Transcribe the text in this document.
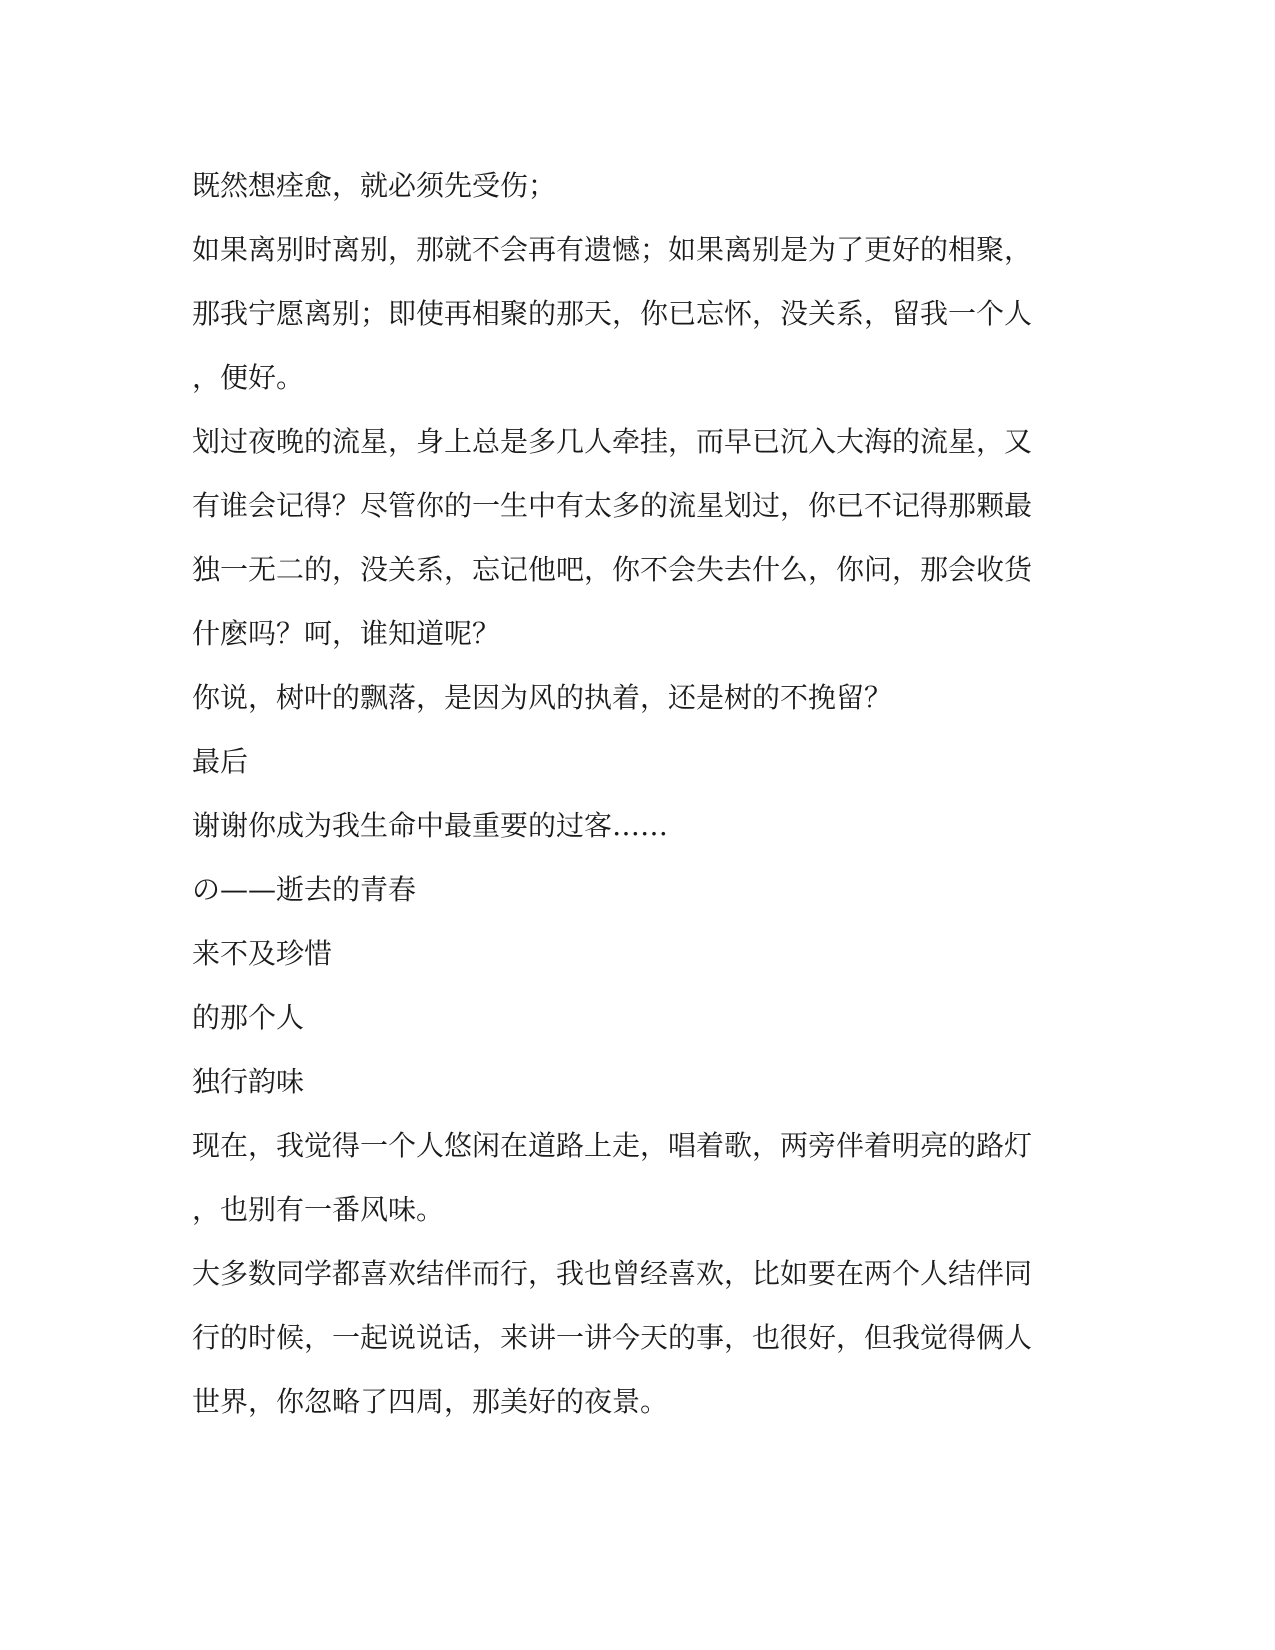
既然想痊愈，就必须先受伤；
如果离别时离别，那就不会再有遗憾；如果离别是为了更好的相聚，
那我宁愿离别；即使再相聚的那天，你已忘怀，没关系，留我一个人
，便好。
划过夜晚的流星，身上总是多几人牵挂，而早已沉入大海的流星，又
有谁会记得？尽管你的一生中有太多的流星划过，你已不记得那颗最
独一无二的，没关系，忘记他吧，你不会失去什么，你问，那会收货
什麽吗？呵，谁知道呢？
你说，树叶的飘落，是因为风的执着，还是树的不挽留？
最后
谢谢你成为我生命中最重要的过客……
の——逝去的青春
来不及珍惜
的那个人
独行韵味
现在，我觉得一个人悠闲在道路上走，唱着歌，两旁伴着明亮的路灯
，也别有一番风味。
大多数同学都喜欢结伴而行，我也曾经喜欢，比如要在两个人结伴同
行的时候，一起说说话，来讲一讲今天的事，也很好，但我觉得俩人
世界，你忽略了四周，那美好的夜景。
